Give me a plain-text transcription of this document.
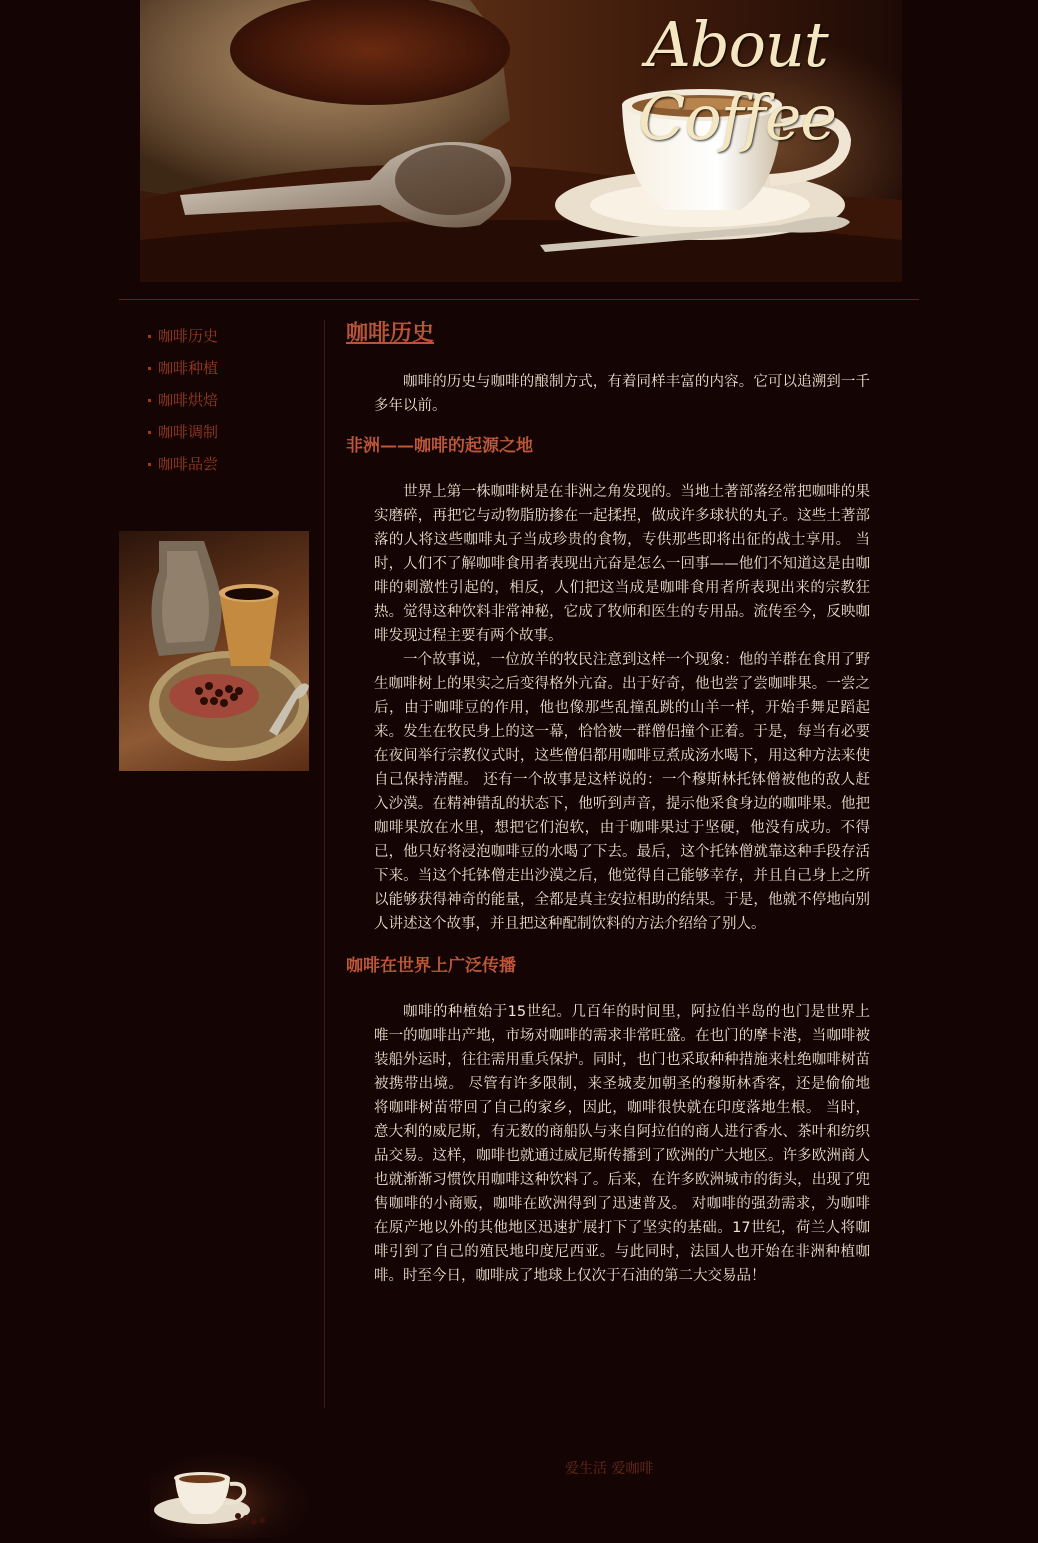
About Coffee
咖啡历史
咖啡种植
咖啡烘焙
咖啡调制
咖啡品尝
咖啡历史

咖啡的历史与咖啡的酿制方式，有着同样丰富的内容。它可以追溯到一千多年以前。

非洲——咖啡的起源之地

世界上第一株咖啡树是在非洲之角发现的。当地土著部落经常把咖啡的果实磨碎，再把它与动物脂肪掺在一起揉捏，做成许多球状的丸子。这些土著部落的人将这些咖啡丸子当成珍贵的食物，专供那些即将出征的战士享用。 当时，人们不了解咖啡食用者表现出亢奋是怎么一回事——他们不知道这是由咖啡的刺激性引起的，相反，人们把这当成是咖啡食用者所表现出来的宗教狂热。觉得这种饮料非常神秘，它成了牧师和医生的专用品。流传至今，反映咖啡发现过程主要有两个故事。

一个故事说，一位放羊的牧民注意到这样一个现象：他的羊群在食用了野生咖啡树上的果实之后变得格外亢奋。出于好奇，他也尝了尝咖啡果。一尝之后，由于咖啡豆的作用，他也像那些乱撞乱跳的山羊一样，开始手舞足蹈起来。发生在牧民身上的这一幕，恰恰被一群僧侣撞个正着。于是，每当有必要在夜间举行宗教仪式时，这些僧侣都用咖啡豆煮成汤水喝下，用这种方法来使自己保持清醒。 还有一个故事是这样说的：一个穆斯林托钵僧被他的敌人赶入沙漠。在精神错乱的状态下，他听到声音，提示他采食身边的咖啡果。他把咖啡果放在水里，想把它们泡软，由于咖啡果过于坚硬，他没有成功。不得已，他只好将浸泡咖啡豆的水喝了下去。最后，这个托钵僧就靠这种手段存活下来。当这个托钵僧走出沙漠之后，他觉得自己能够幸存，并且自己身上之所以能够获得神奇的能量，全都是真主安拉相助的结果。于是，他就不停地向别人讲述这个故事，并且把这种配制饮料的方法介绍给了别人。

咖啡在世界上广泛传播

咖啡的种植始于15世纪。几百年的时间里，阿拉伯半岛的也门是世界上唯一的咖啡出产地，市场对咖啡的需求非常旺盛。在也门的摩卡港，当咖啡被装船外运时，往往需用重兵保护。同时，也门也采取种种措施来杜绝咖啡树苗被携带出境。 尽管有许多限制，来圣城麦加朝圣的穆斯林香客，还是偷偷地将咖啡树苗带回了自己的家乡，因此，咖啡很快就在印度落地生根。 当时，意大利的威尼斯，有无数的商船队与来自阿拉伯的商人进行香水、茶叶和纺织品交易。这样，咖啡也就通过威尼斯传播到了欧洲的广大地区。许多欧洲商人也就渐渐习惯饮用咖啡这种饮料了。后来，在许多欧洲城市的街头，出现了兜售咖啡的小商贩，咖啡在欧洲得到了迅速普及。 对咖啡的强劲需求，为咖啡在原产地以外的其他地区迅速扩展打下了坚实的基础。17世纪，荷兰人将咖啡引到了自己的殖民地印度尼西亚。与此同时，法国人也开始在非洲种植咖啡。时至今日，咖啡成了地球上仅次于石油的第二大交易品！

爱生活 爱咖啡
